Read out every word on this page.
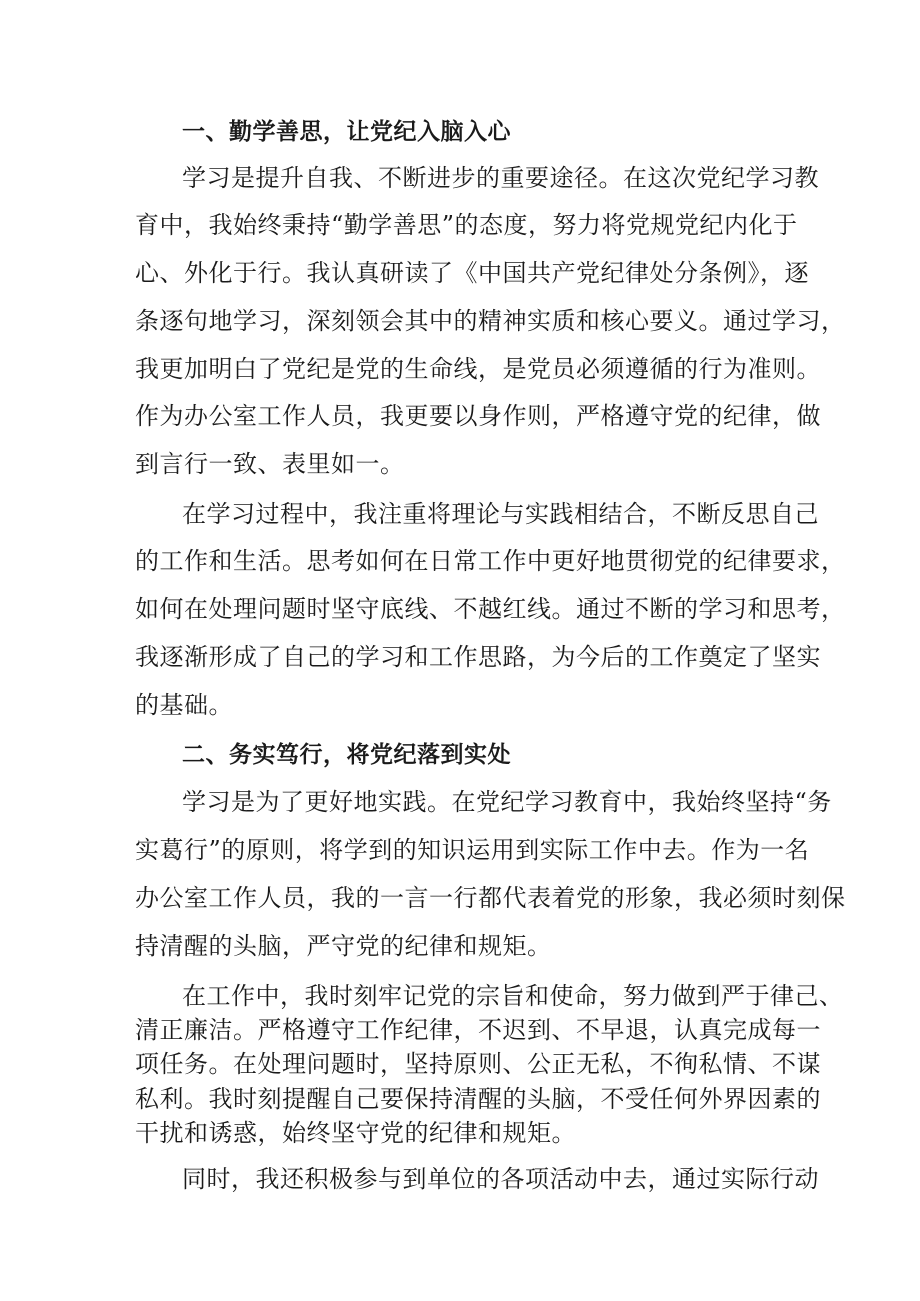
一、勤学善思，让党纪入脑入心
学习是提升自我、不断进步的重要途径。在这次党纪学习教
育中，我始终秉持“勤学善思”的态度，努力将党规党纪内化于
心、外化于行。我认真研读了《中国共产党纪律处分条例》，逐
条逐句地学习，深刻领会其中的精神实质和核心要义。通过学习，
我更加明白了党纪是党的生命线，是党员必须遵循的行为准则。
作为办公室工作人员，我更要以身作则，严格遵守党的纪律，做
到言行一致、表里如一。
在学习过程中，我注重将理论与实践相结合，不断反思自己
的工作和生活。思考如何在日常工作中更好地贯彻党的纪律要求，
如何在处理问题时坚守底线、不越红线。通过不断的学习和思考，
我逐渐形成了自己的学习和工作思路，为今后的工作奠定了坚实
的基础。
二、务实笃行，将党纪落到实处
学习是为了更好地实践。在党纪学习教育中，我始终坚持“务
实葛行”的原则，将学到的知识运用到实际工作中去。作为一名
办公室工作人员，我的一言一行都代表着党的形象，我必须时刻保
持清醒的头脑，严守党的纪律和规矩。
在工作中，我时刻牢记党的宗旨和使命，努力做到严于律己、
清正廉洁。严格遵守工作纪律，不迟到、不早退，认真完成每一
项任务。在处理问题时，坚持原则、公正无私，不徇私情、不谋
私利。我时刻提醒自己要保持清醒的头脑，不受任何外界因素的
干扰和诱惑，始终坚守党的纪律和规矩。
同时，我还积极参与到单位的各项活动中去，通过实际行动
